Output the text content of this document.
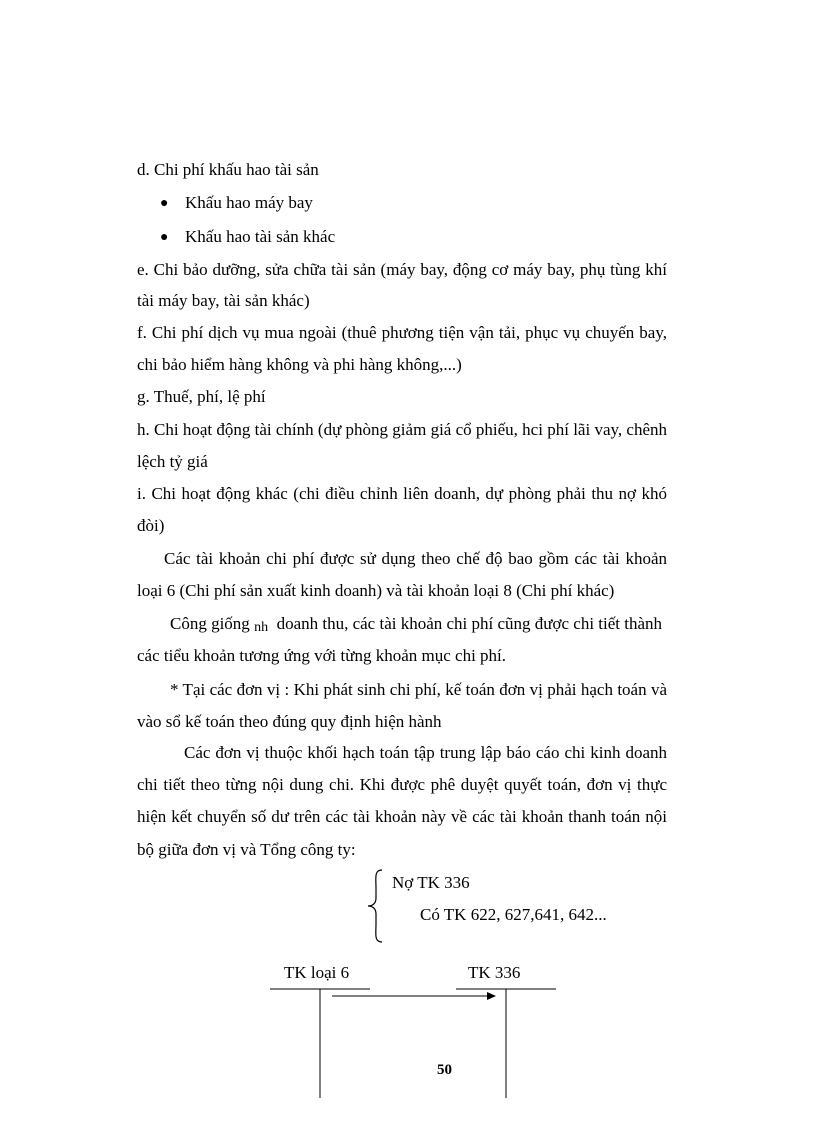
d. Chi phí khấu hao tài sản
● Khấu hao máy bay
● Khấu hao tài sản khác
e. Chi bảo dưỡng, sửa chữa tài sản (máy bay, động cơ máy bay, phụ tùng khí
tài máy bay, tài sản khác)
f. Chi phí dịch vụ mua ngoài (thuê phương tiện vận tải, phục vụ chuyến bay,
chi bảo hiểm hàng không và phi hàng không,...)
g. Thuế, phí, lệ phí
h. Chi hoạt động tài chính (dự phòng giảm giá cổ phiếu, hci phí lãi vay, chênh
lệch tỷ giá
i. Chi hoạt động khác (chi điều chỉnh liên doanh, dự phòng phải thu nợ khó
đòi)
Các tài khoản chi phí được sử dụng theo chế độ bao gồm các tài khoản
loại 6 (Chi phí sản xuất kinh doanh) và tài khoản loại 8 (Chi phí khác)
Công giống nh doanh thu, các tài khoản chi phí cũng được chi tiết thành
các tiểu khoản tương ứng với từng khoản mục chi phí.
* Tại các đơn vị : Khi phát sinh chi phí, kế toán đơn vị phải hạch toán và
vào sổ kế toán theo đúng quy định hiện hành
Các đơn vị thuộc khối hạch toán tập trung lập báo cáo chi kinh doanh
chi tiết theo từng nội dung chi. Khi được phê duyệt quyết toán, đơn vị thực
hiện kết chuyển số dư trên các tài khoản này về các tài khoản thanh toán nội
bộ giữa đơn vị và Tổng công ty:
Nợ TK 336
Có TK 622, 627,641, 642...
TK loại 6	TK 336
50
